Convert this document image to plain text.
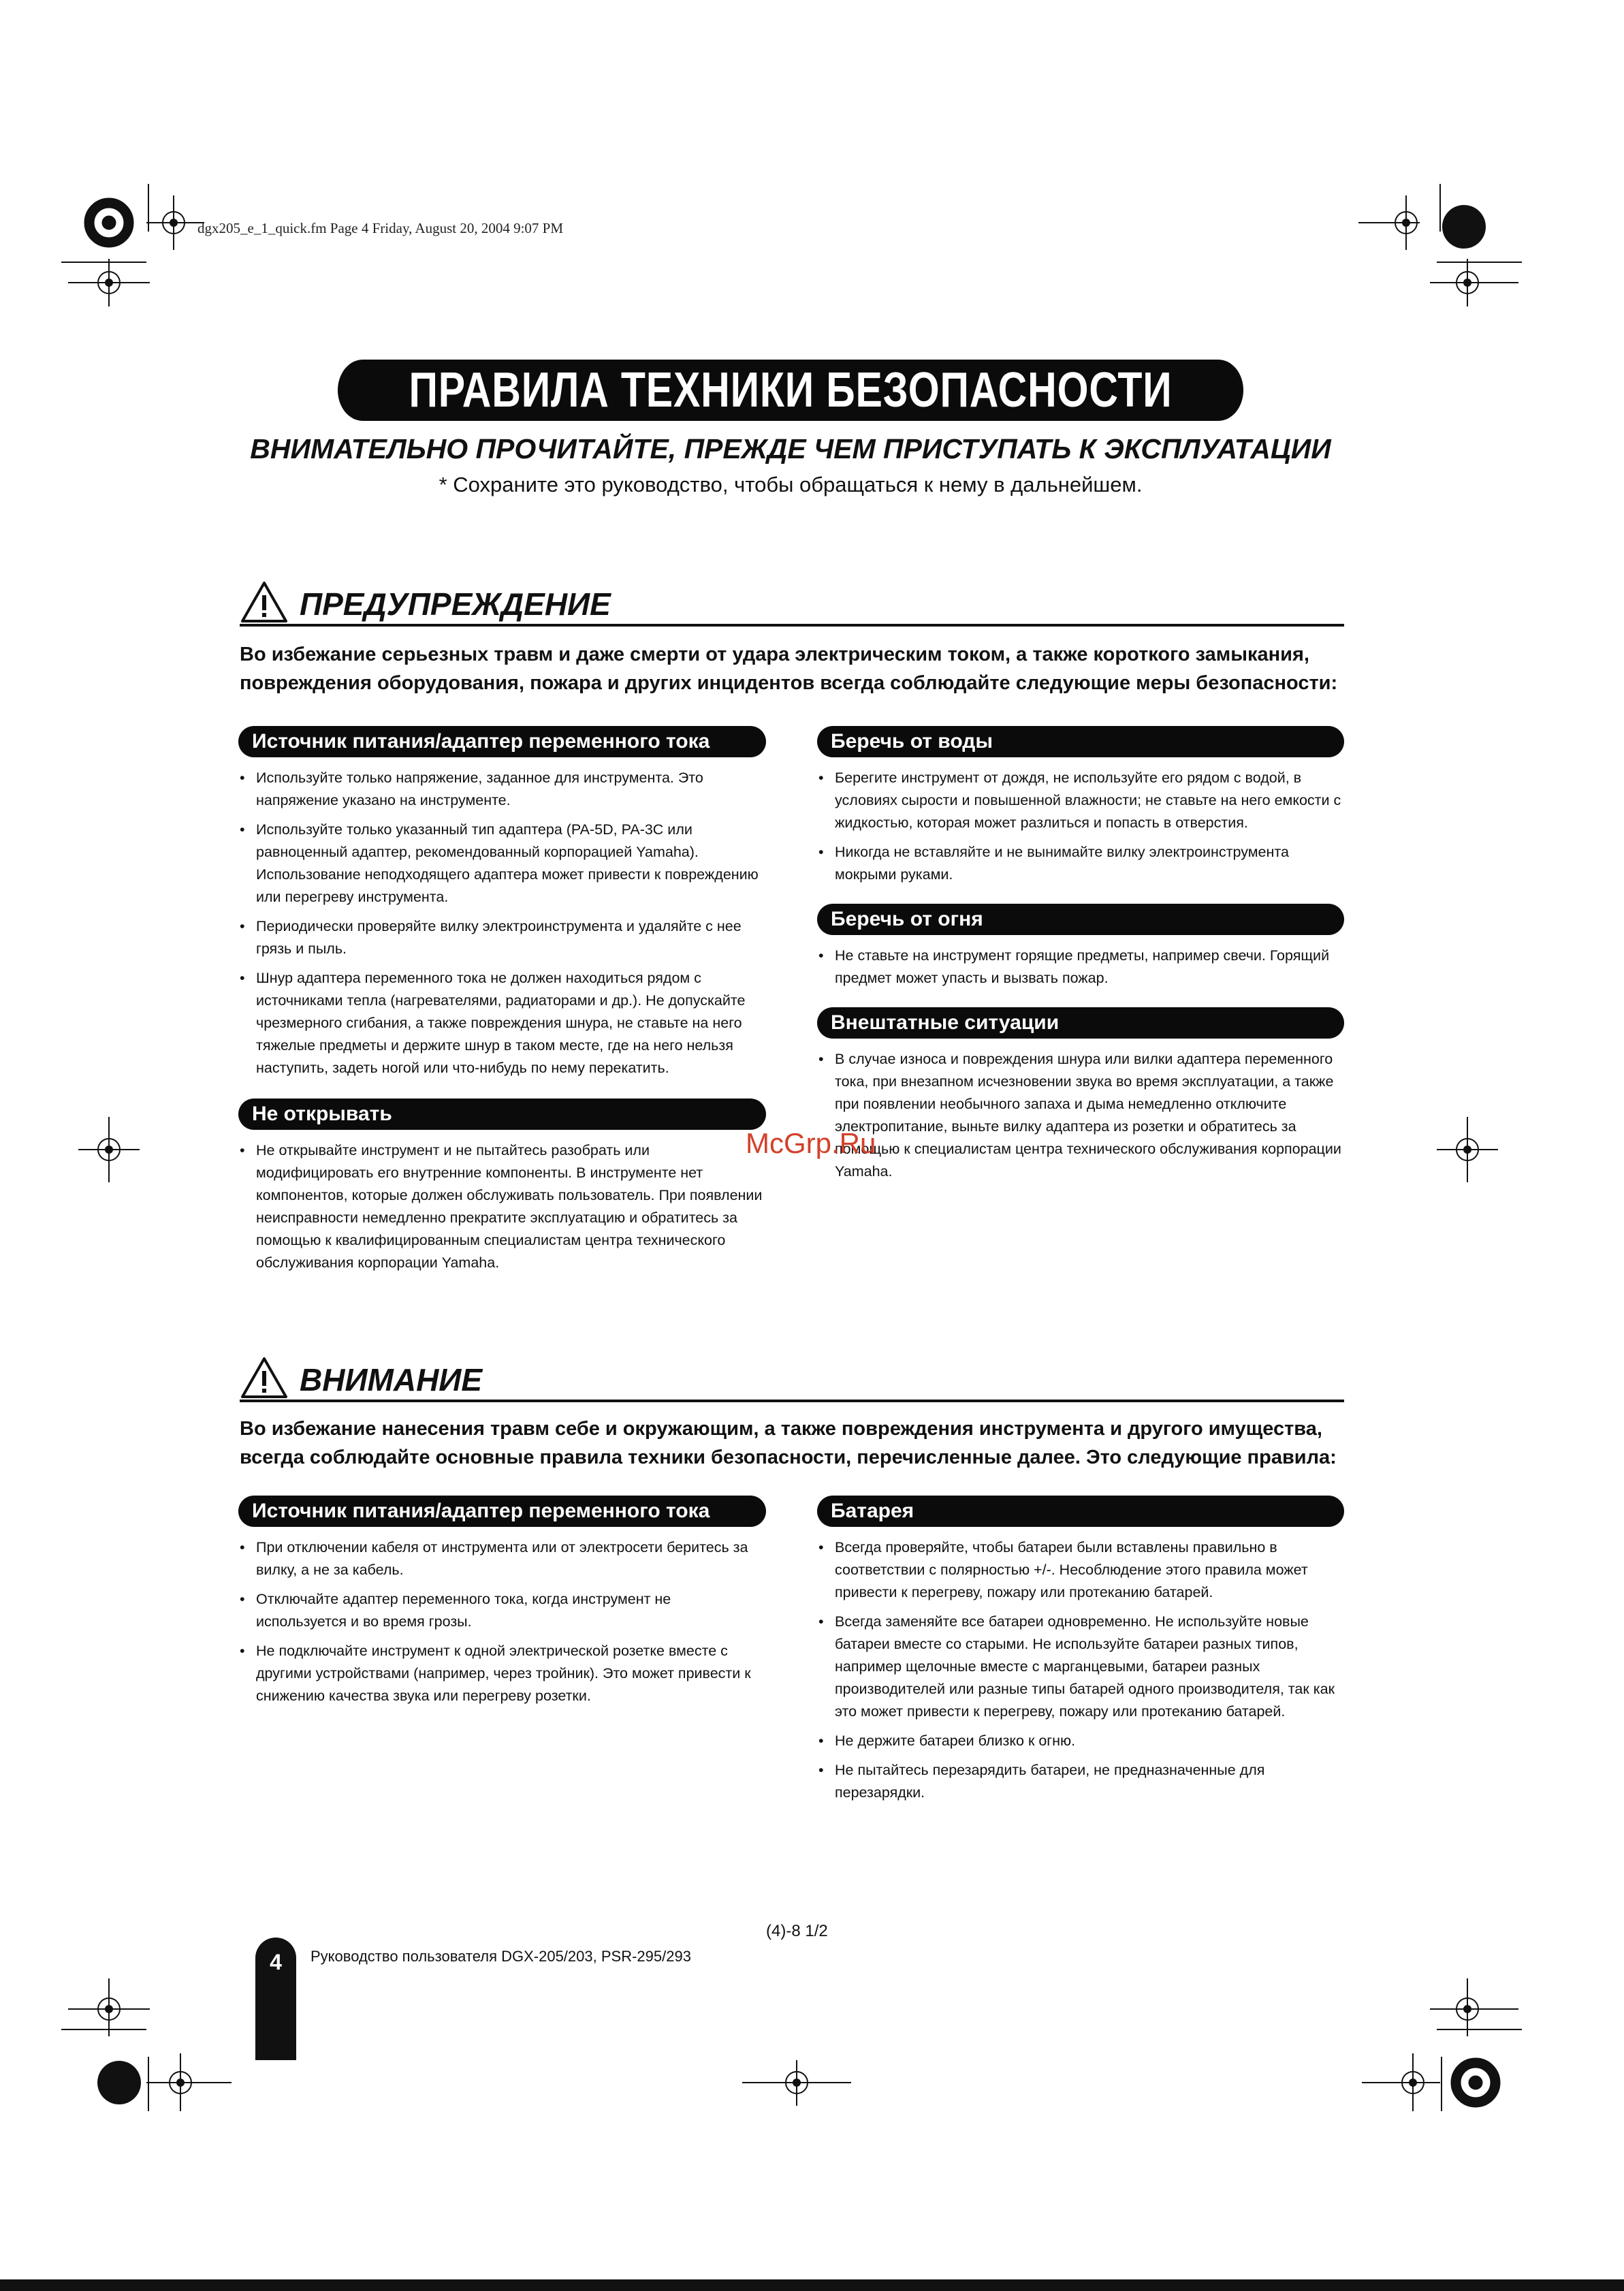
dgx205_e_1_quick.fm Page 4 Friday, August 20, 2004 9:07 PM
ПРАВИЛА ТЕХНИКИ БЕЗОПАСНОСТИ
ВНИМАТЕЛЬНО ПРОЧИТАЙТЕ, ПРЕЖДЕ ЧЕМ ПРИСТУПАТЬ К ЭКСПЛУАТАЦИИ
* Сохраните это руководство, чтобы обращаться к нему в дальнейшем.
ПРЕДУПРЕЖДЕНИЕ
Во избежание серьезных травм и даже смерти от удара электрическим током, а также короткого замыкания,
повреждения оборудования, пожара и других инцидентов всегда соблюдайте следующие меры безопасности:
Источник питания/адаптер переменного тока
• Используйте только напряжение, заданное для инструмента. Это напряжение указано на инструменте.
• Используйте только указанный тип адаптера (PA-5D, PA-3C или равноценный адаптер, рекомендованный корпорацией Yamaha). Использование неподходящего адаптера может привести к повреждению или перегреву инструмента.
• Периодически проверяйте вилку электроинструмента и удаляйте с нее грязь и пыль.
• Шнур адаптера переменного тока не должен находиться рядом с источниками тепла (нагревателями, радиаторами и др.). Не допускайте чрезмерного сгибания, а также повреждения шнура, не ставьте на него тяжелые предметы и держите шнур в таком месте, где на него нельзя наступить, задеть ногой или что-нибудь по нему перекатить.
Не открывать
• Не открывайте инструмент и не пытайтесь разобрать или модифицировать его внутренние компоненты. В инструменте нет компонентов, которые должен обслуживать пользователь. При появлении неисправности немедленно прекратите эксплуатацию и обратитесь за помощью к квалифицированным специалистам центра технического обслуживания корпорации Yamaha.
Беречь от воды
• Берегите инструмент от дождя, не используйте его рядом с водой, в условиях сырости и повышенной влажности; не ставьте на него емкости с жидкостью, которая может разлиться и попасть в отверстия.
• Никогда не вставляйте и не вынимайте вилку электроинструмента мокрыми руками.
Беречь от огня
• Не ставьте на инструмент горящие предметы, например свечи. Горящий предмет может упасть и вызвать пожар.
Внештатные ситуации
• В случае износа и повреждения шнура или вилки адаптера переменного тока, при внезапном исчезновении звука во время эксплуатации, а также при появлении необычного запаха и дыма немедленно отключите электропитание, выньте вилку адаптера из розетки и обратитесь за помощью к специалистам центра технического обслуживания корпорации Yamaha.
McGrp.Ru
ВНИМАНИЕ
Во избежание нанесения травм себе и окружающим, а также повреждения инструмента и другого имущества,
всегда соблюдайте основные правила техники безопасности, перечисленные далее. Это следующие правила:
Источник питания/адаптер переменного тока
• При отключении кабеля от инструмента или от электросети беритесь за вилку, а не за кабель.
• Отключайте адаптер переменного тока, когда инструмент не используется и во время грозы.
• Не подключайте инструмент к одной электрической розетке вместе с другими устройствами (например, через тройник). Это может привести к снижению качества звука или перегреву розетки.
Батарея
• Всегда проверяйте, чтобы батареи были вставлены правильно в соответствии с полярностью +/-. Несоблюдение этого правила может привести к перегреву, пожару или протеканию батарей.
• Всегда заменяйте все батареи одновременно. Не используйте новые батареи вместе со старыми. Не используйте батареи разных типов, например щелочные вместе с марганцевыми, батареи разных производителей или разные типы батарей одного производителя, так как это может привести к перегреву, пожару или протеканию батарей.
• Не держите батареи близко к огню.
• Не пытайтесь перезарядить батареи, не предназначенные для перезарядки.
(4)-8 1/2
4	Руководство пользователя DGX-205/203, PSR-295/293
